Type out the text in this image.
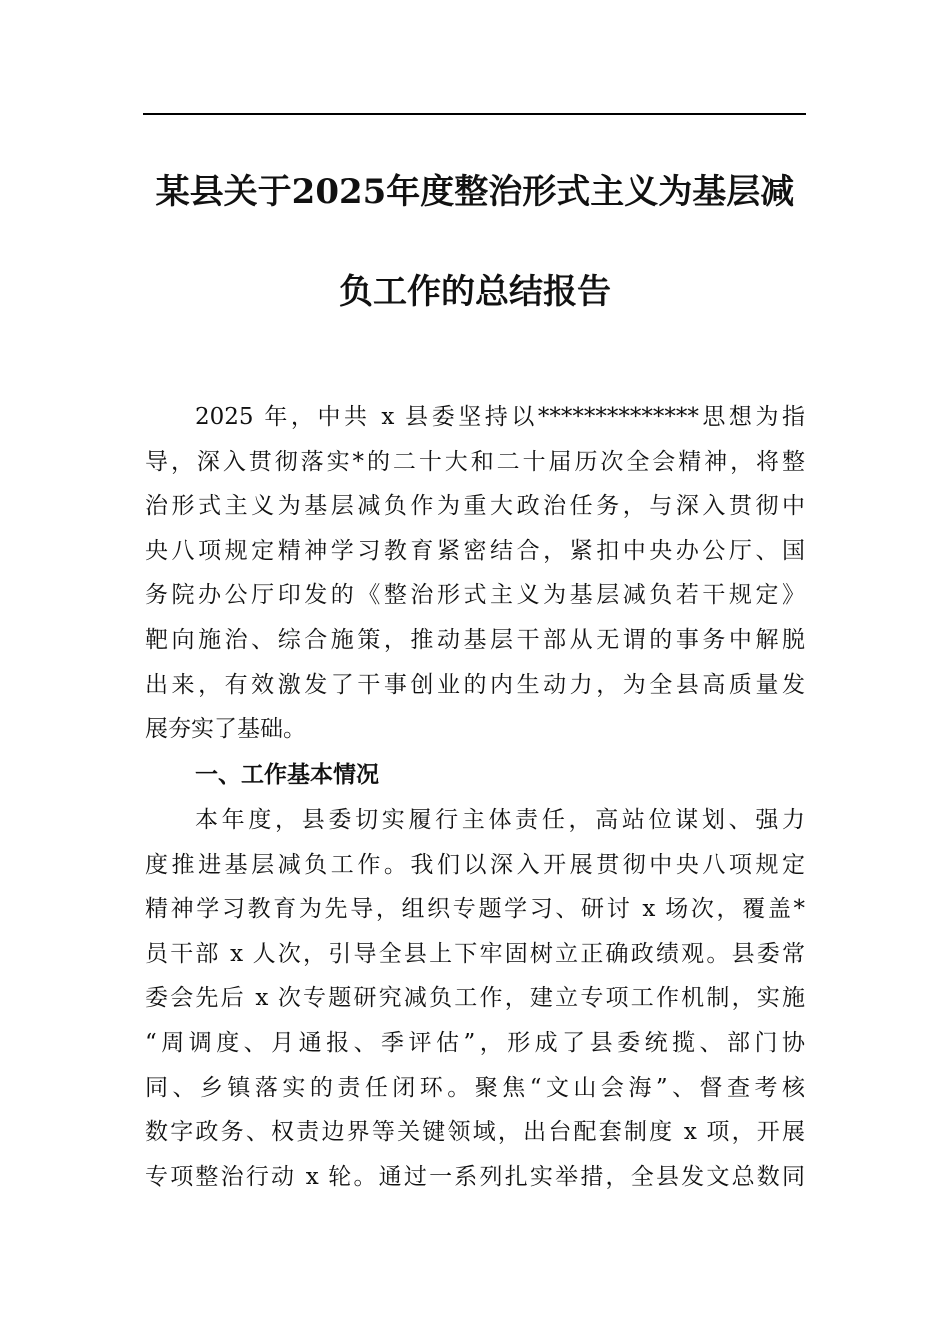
某县关于2025年度整治形式主义为基层减
负工作的总结报告
2025 年，中共 x 县委坚持以**************思想为指
导，深入贯彻落实*的二十大和二十届历次全会精神，将整
治形式主义为基层减负作为重大政治任务，与深入贯彻中
央八项规定精神学习教育紧密结合，紧扣中央办公厅、国
务院办公厅印发的《整治形式主义为基层减负若干规定》
靶向施治、综合施策，推动基层干部从无谓的事务中解脱
出来，有效激发了干事创业的内生动力，为全县高质量发
展夯实了基础。
一、工作基本情况
本年度，县委切实履行主体责任，高站位谋划、强力
度推进基层减负工作。我们以深入开展贯彻中央八项规定
精神学习教育为先导，组织专题学习、研讨 x 场次，覆盖*
员干部 x 人次，引导全县上下牢固树立正确政绩观。县委常
委会先后 x 次专题研究减负工作，建立专项工作机制，实施
“周调度、月通报、季评估”，形成了县委统揽、部门协
同、乡镇落实的责任闭环。聚焦“文山会海”、督查考核
数字政务、权责边界等关键领域，出台配套制度 x 项，开展
专项整治行动 x 轮。通过一系列扎实举措，全县发文总数同
